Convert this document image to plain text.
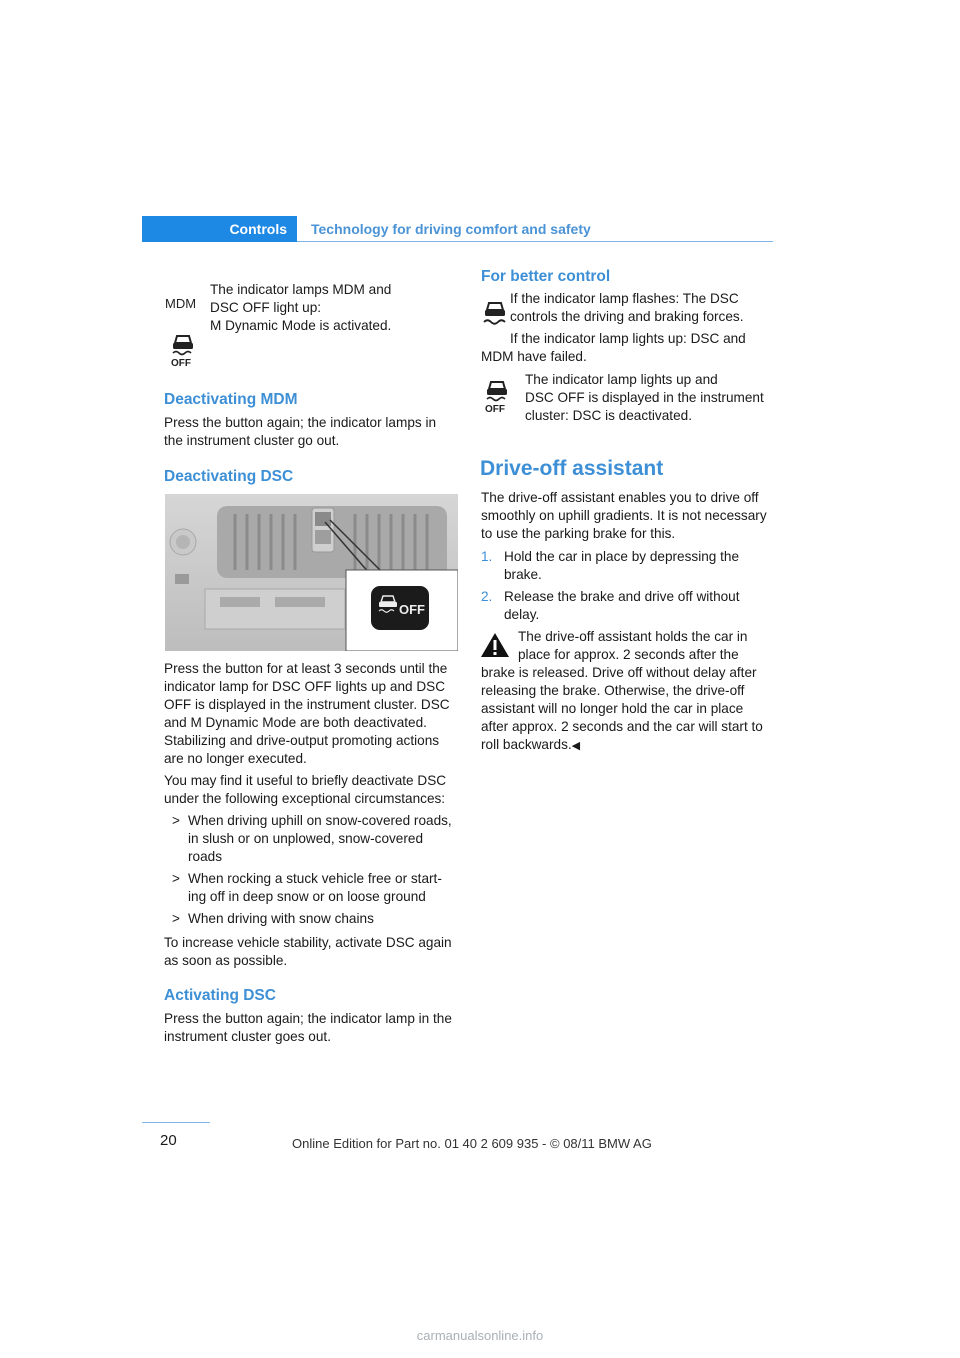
Controls Technology for driving comfort and safety
MDM
OFF
The indicator lamps MDM and
DSC OFF light up:
M Dynamic Mode is activated.
Deactivating MDM
Press the button again; the indicator lamps in
the instrument cluster go out.
Deactivating DSC
OFF
Press the button for at least 3 seconds until the
indicator lamp for DSC OFF lights up and DSC
OFF is displayed in the instrument cluster. DSC
and M Dynamic Mode are both deactivated.
Stabilizing and drive-output promoting actions
are no longer executed.
You may find it useful to briefly deactivate DSC
under the following exceptional circumstances:
> When driving uphill on snow-covered roads,
in slush or on unplowed, snow-covered
roads
> When rocking a stuck vehicle free or start-
ing off in deep snow or on loose ground
> When driving with snow chains
To increase vehicle stability, activate DSC again
as soon as possible.
Activating DSC
Press the button again; the indicator lamp in the
instrument cluster goes out.
For better control
If the indicator lamp flashes: The DSC
controls the driving and braking forces.
If the indicator lamp lights up: DSC and
MDM have failed.
OFF
The indicator lamp lights up and
DSC OFF is displayed in the instrument
cluster: DSC is deactivated.
Drive-off assistant
The drive-off assistant enables you to drive off
smoothly on uphill gradients. It is not necessary
to use the parking brake for this.
1. Hold the car in place by depressing the
brake.
2. Release the brake and drive off without
delay.
The drive-off assistant holds the car in
place for approx. 2 seconds after the
brake is released. Drive off without delay after
releasing the brake. Otherwise, the drive-off
assistant will no longer hold the car in place
after approx. 2 seconds and the car will start to
roll backwards.◀
20	Online Edition for Part no. 01 40 2 609 935 - © 08/11 BMW AG
carmanualsonline.info
